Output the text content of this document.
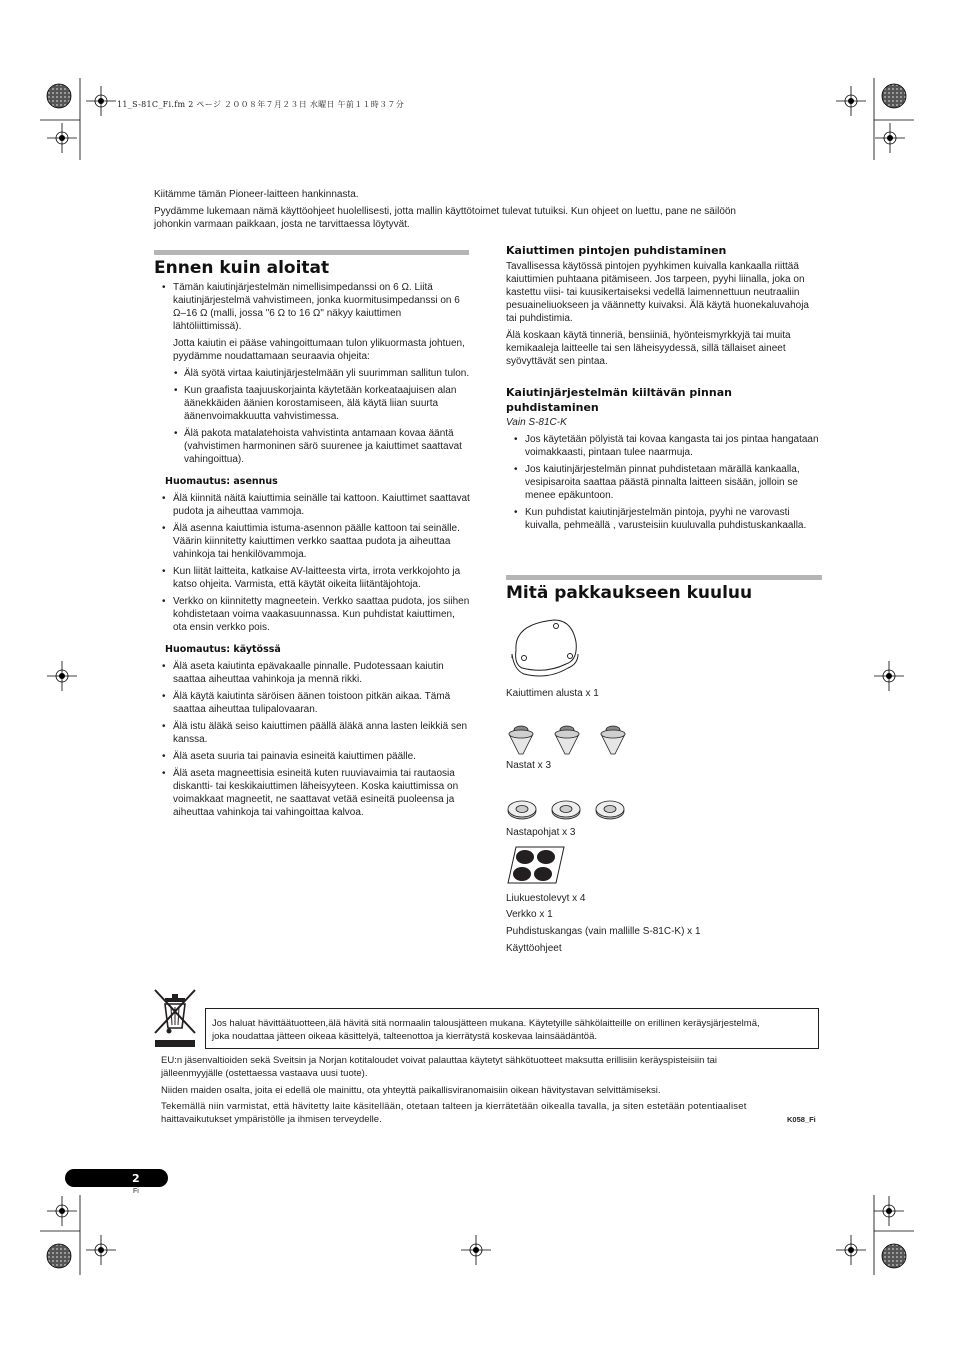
11_S-81C_Fi.fm 2 ページ ２００８年７月２３日 水曜日 午前１１時３７分

Kiitämme tämän Pioneer-laitteen hankinnasta.

Pyydämme lukemaan nämä käyttöohjeet huolellisesti, jotta mallin käyttötoimet tulevat tutuiksi. Kun ohjeet on luettu, pane ne säilöön

johonkin varmaan paikkaan, josta ne tarvittaessa löytyvät.

Ennen kuin aloitat
• Tämän kaiutinjärjestelmän nimellisimpedanssi on 6 Ω. Liitä kaiutinjärjestelmä vahvistimeen, jonka kuormitusimpedanssi on 6 Ω–16 Ω (malli, jossa "6 Ω to 16 Ω" näkyy kaiuttimen lähtöliittimissä).

Jotta kaiutin ei pääse vahingoittumaan tulon ylikuormasta johtuen, pyydämme noudattamaan seuraavia ohjeita:

• Älä syötä virtaa kaiutinjärjestelmään yli suurimman sallitun tulon.
• Kun graafista taajuuskorjainta käytetään korkeataajuisen alan äänekkäiden äänien korostamiseen, älä käytä liian suurta äänenvoimakkuutta vahvistimessa.
• Älä pakota matalatehoista vahvistinta antamaan kovaa ääntä (vahvistimen harmoninen särö suurenee ja kaiuttimet saattavat vahingoittua).
Huomautus: asennus
• Älä kiinnitä näitä kaiuttimia seinälle tai kattoon. Kaiuttimet saattavat pudota ja aiheuttaa vammoja.
• Älä asenna kaiuttimia istuma-asennon päälle kattoon tai seinälle. Väärin kiinnitetty kaiuttimen verkko saattaa pudota ja aiheuttaa vahinkoja tai henkilövammoja.
• Kun liität laitteita, katkaise AV-laitteesta virta, irrota verkkojohto ja katso ohjeita. Varmista, että käytät oikeita liitäntäjohtoja.
• Verkko on kiinnitetty magneetein. Verkko saattaa pudota, jos siihen kohdistetaan voima vaakasuunnassa. Kun puhdistat kaiuttimen, ota ensin verkko pois.
Huomautus: käytössä
• Älä aseta kaiutinta epävakaalle pinnalle. Pudotessaan kaiutin saattaa aiheuttaa vahinkoja ja mennä rikki.
• Älä käytä kaiutinta säröisen äänen toistoon pitkän aikaa. Tämä saattaa aiheuttaa tulipalovaaran.
• Älä istu äläkä seiso kaiuttimen päällä äläkä anna lasten leikkiä sen kanssa.
• Älä aseta suuria tai painavia esineitä kaiuttimen päälle.
• Älä aseta magneettisia esineitä kuten ruuviavaimia tai rautaosia diskantti- tai keskikaiuttimen läheisyyteen. Koska kaiuttimissa on voimakkaat magneetit, ne saattavat vetää esineitä puoleensa ja aiheuttaa vahinkoja tai vahingoittaa kalvoa.
Kaiuttimen pintojen puhdistaminen

Tavallisessa käytössä pintojen pyyhkimen kuivalla kankaalla riittää kaiuttimien puhtaana pitämiseen. Jos tarpeen, pyyhi liinalla, joka on kastettu viisi- tai kuusikertaiseksi vedellä laimennettuun neutraaliin pesuaineliuokseen ja väännetty kuivaksi. Älä käytä huonekaluvahoja tai puhdistimia.

Älä koskaan käytä tinneriä, bensiiniä, hyönteismyrkkyjä tai muita kemikaaleja laitteelle tai sen läheisyydessä, sillä tällaiset aineet syövyttävät sen pintaa.

Kaiutinjärjestelmän kiiltävän pinnan puhdistaminen

Vain S-81C-K

• Jos käytetään pölyistä tai kovaa kangasta tai jos pintaa hangataan voimakkaasti, pintaan tulee naarmuja.
• Jos kaiutinjärjestelmän pinnat puhdistetaan märällä kankaalla, vesipisaroita saattaa päästä pinnalta laitteen sisään, jolloin se menee epäkuntoon.
• Kun puhdistat kaiutinjärjestelmän pintoja, pyyhi ne varovasti kuivalla, pehmeällä , varusteisiin kuuluvalla puhdistuskankaalla.
Mitä pakkaukseen kuuluu
Kaiuttimen alusta x 1
Nastat x 3
Nastapohjat x 3
Liukuestolevyt x 4
Verkko x 1
Puhdistuskangas (vain mallille S-81C-K) x 1
Käyttöohjeet
Jos haluat hävittäätuotteen,älä hävitä sitä normaalin talousjätteen mukana. Käytetyille sähkölaitteille on erillinen keräysjärjestelmä,
joka noudattaa jätteen oikeaa käsittelyä, talteenottoa ja kierrätystä koskevaa lainsäädäntöä.
EU:n jäsenvaltioiden sekä Sveitsin ja Norjan kotitaloudet voivat palauttaa käytetyt sähkötuotteet maksutta erillisiin keräyspisteisiin tai
jälleenmyyjälle (ostettaessa vastaava uusi tuote).
Niiden maiden osalta, joita ei edellä ole mainittu, ota yhteyttä paikallisviranomaisiin oikean hävitystavan selvittämiseksi.
Tekemällä niin varmistat, että hävitetty laite käsitellään, otetaan talteen ja kierrätetään oikealla tavalla, ja siten estetään potentiaaliset
haittavaikutukset ympäristölle ja ihmisen terveydelle.	K058_Fi
2
Fi
